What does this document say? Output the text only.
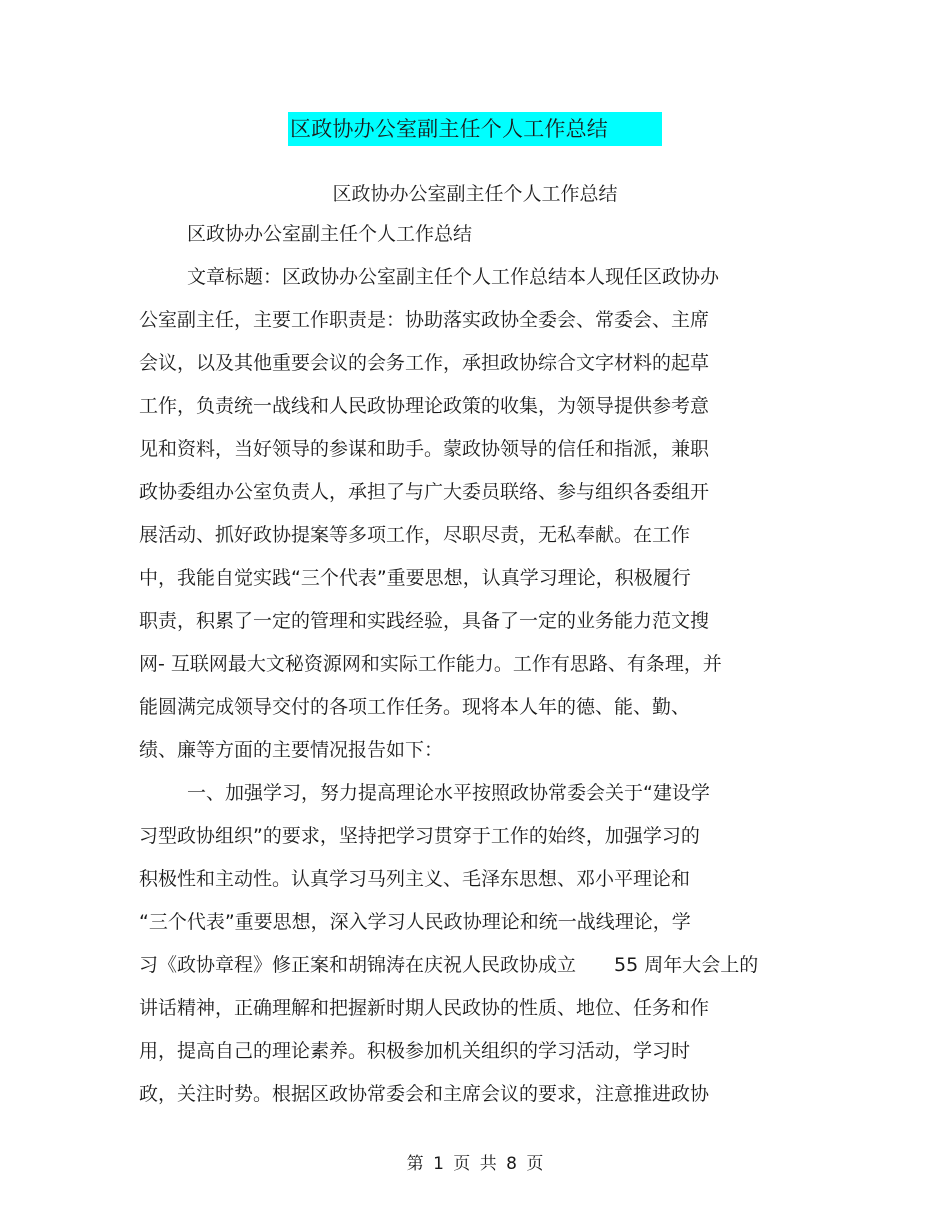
区政协办公室副主任个人工作总结
区政协办公室副主任个人工作总结
区政协办公室副主任个人工作总结
文章标题：区政协办公室副主任个人工作总结本人现任区政协办
公室副主任，主要工作职责是：协助落实政协全委会、常委会、主席
会议，以及其他重要会议的会务工作，承担政协综合文字材料的起草
工作，负责统一战线和人民政协理论政策的收集，为领导提供参考意
见和资料，当好领导的参谋和助手。蒙政协领导的信任和指派，兼职
政协委组办公室负责人，承担了与广大委员联络、参与组织各委组开
展活动、抓好政协提案等多项工作，尽职尽责，无私奉献。在工作
中，我能自觉实践“三个代表”重要思想，认真学习理论，积极履行
职责，积累了一定的管理和实践经验，具备了一定的业务能力范文搜
网- 互联网最大文秘资源网和实际工作能力。工作有思路、有条理，并
能圆满完成领导交付的各项工作任务。现将本人年的德、能、勤、
绩、廉等方面的主要情况报告如下：
一、加强学习，努力提高理论水平按照政协常委会关于“建设学
习型政协组织”的要求，坚持把学习贯穿于工作的始终，加强学习的
积极性和主动性。认真学习马列主义、毛泽东思想、邓小平理论和
“三个代表”重要思想，深入学习人民政协理论和统一战线理论，学
习《政协章程》修正案和胡锦涛在庆祝人民政协成立　　55 周年大会上的
讲话精神，正确理解和把握新时期人民政协的性质、地位、任务和作
用，提高自己的理论素养。积极参加机关组织的学习活动，学习时
政，关注时势。根据区政协常委会和主席会议的要求，注意推进政协
第 1 页 共 8 页
